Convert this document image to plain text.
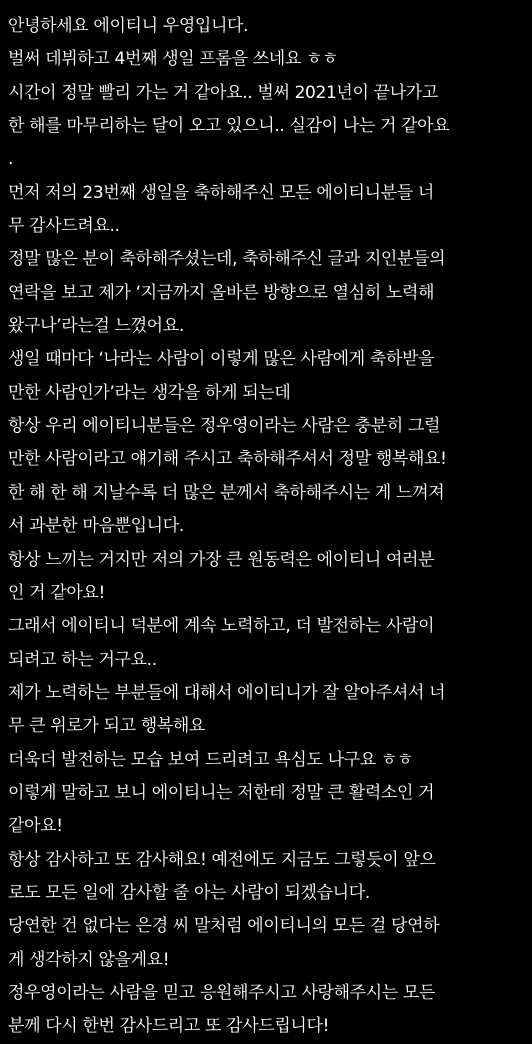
안녕하세요 에이티니 우영입니다.
벌써 데뷔하고 4번째 생일 프롬을 쓰네요 ㅎㅎ
시간이 정말 빨리 가는 거 같아요.. 벌써 2021년이 끝나가고
한 해를 마무리하는 달이 오고 있으니.. 실감이 나는 거 같아요
.
먼저 저의 23번째 생일을 축하해주신 모든 에이티니분들 너
무 감사드려요..
정말 많은 분이 축하해주셨는데, 축하해주신 글과 지인분들의
연락을 보고 제가 ‘지금까지 올바른 방향으로 열심히 노력해
왔구나’라는걸 느꼈어요.
생일 때마다 ‘나라는 사람이 이렇게 많은 사람에게 축하받을
만한 사람인가’라는 생각을 하게 되는데
항상 우리 에이티니분들은 정우영이라는 사람은 충분히 그럴
만한 사람이라고 얘기해 주시고 축하해주셔서 정말 행복해요!
한 해 한 해 지날수록 더 많은 분께서 축하해주시는 게 느껴져
서 과분한 마음뿐입니다.
항상 느끼는 거지만 저의 가장 큰 원동력은 에이티니 여러분
인 거 같아요!
그래서 에이티니 덕분에 계속 노력하고, 더 발전하는 사람이
되려고 하는 거구요..
제가 노력하는 부분들에 대해서 에이티니가 잘 알아주셔서 너
무 큰 위로가 되고 행복해요
더욱더 발전하는 모습 보여 드리려고 욕심도 나구요 ㅎㅎ
이렇게 말하고 보니 에이티니는 저한테 정말 큰 활력소인 거
같아요!
항상 감사하고 또 감사해요! 예전에도 지금도 그렇듯이 앞으
로도 모든 일에 감사할 줄 아는 사람이 되겠습니다.
당연한 건 없다는 은경 씨 말처럼 에이티니의 모든 걸 당연하
게 생각하지 않을게요!
정우영이라는 사람을 믿고 응원해주시고 사랑해주시는 모든
분께 다시 한번 감사드리고 또 감사드립니다!
